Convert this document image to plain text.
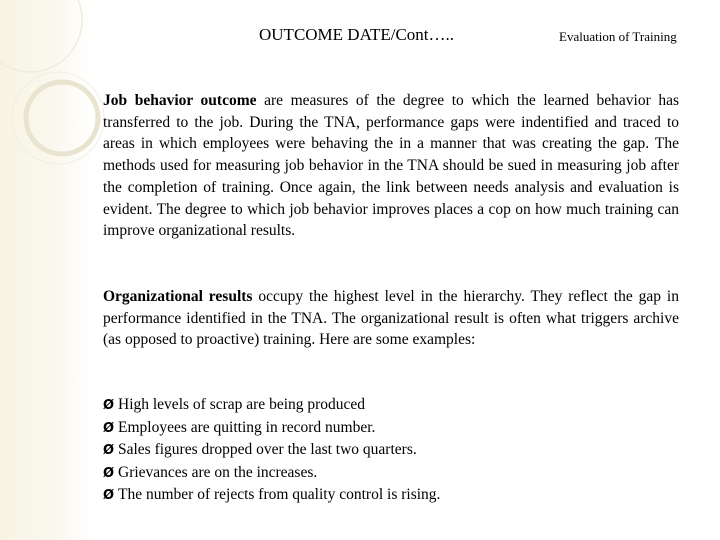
OUTCOME DATE/Cont…..	Evaluation of Training

Job behavior outcome are measures of the degree to which the learned behavior has transferred to the job. During the TNA, performance gaps were indentified and traced to areas in which employees were behaving the in a manner that was creating the gap. The methods used for measuring job behavior in the TNA should be sued in measuring job after the completion of training. Once again, the link between needs analysis and evaluation is evident. The degree to which job behavior improves places a cop on how much training can improve organizational results.

Organizational results occupy the highest level in the hierarchy. They reflect the gap in performance identified in the TNA. The organizational result is often what triggers archive (as opposed to proactive) training. Here are some examples:

Ø High levels of scrap are being produced
Ø Employees are quitting in record number.
Ø Sales figures dropped over the last two quarters.
Ø Grievances are on the increases.
Ø The number of rejects from quality control is rising.
